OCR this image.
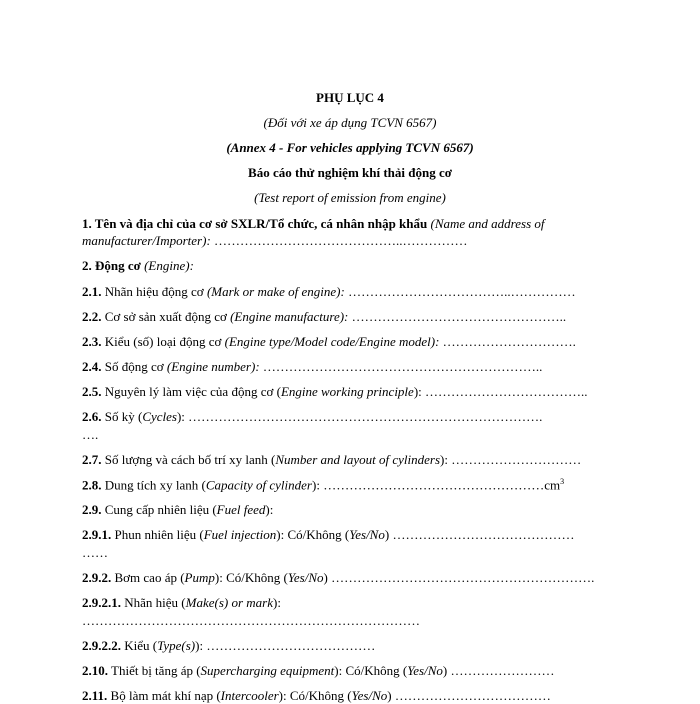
PHỤ LỤC 4
(Đối với xe áp dụng TCVN 6567)
(Annex 4 - For vehicles applying TCVN 6567)
Báo cáo thử nghiệm khí thải động cơ
(Test report of emission from engine)
1. Tên và địa chỉ của cơ sở SXLR/Tổ chức, cá nhân nhập khẩu (Name and address of
manufacturer/Importer): ……………………………………..……………
2. Động cơ (Engine):
2.1. Nhãn hiệu động cơ (Mark or make of engine): ………………………………..……………
2.2. Cơ sở sản xuất động cơ (Engine manufacture): …………………………………………..
2.3. Kiểu (số) loại động cơ (Engine type/Model code/Engine model): ………………………….
2.4. Số động cơ (Engine number): ………………………………………………………..
2.5. Nguyên lý làm việc của động cơ (Engine working principle): ………………………………..
2.6. Số kỳ (Cycles): ……………………………………………………………………….
….
2.7. Số lượng và cách bố trí xy lanh (Number and layout of cylinders): …………………………
2.8. Dung tích xy lanh (Capacity of cylinder): $\dots\dots\dots\dots\dots\dots\dots\dots\dots\dots\dots\dots\dots\dots\dots\dots\dots cm^3$
2.9. Cung cấp nhiên liệu (Fuel feed):
2.9.1. Phun nhiên liệu (Fuel injection): Có/Không (Yes/No) ……………………………………
……
2.9.2. Bơm cao áp (Pump): Có/Không (Yes/No) …………………………………………………….
2.9.2.1. Nhãn hiệu (Make(s) or mark):
……………………………………………………………………
2.9.2.2. Kiểu (Type(s)): …………………………………
2.10. Thiết bị tăng áp (Supercharging equipment): Có/Không (Yes/No) ……………………
2.11. Bộ làm mát khí nạp (Intercooler): Có/Không (Yes/No) ………………………………
